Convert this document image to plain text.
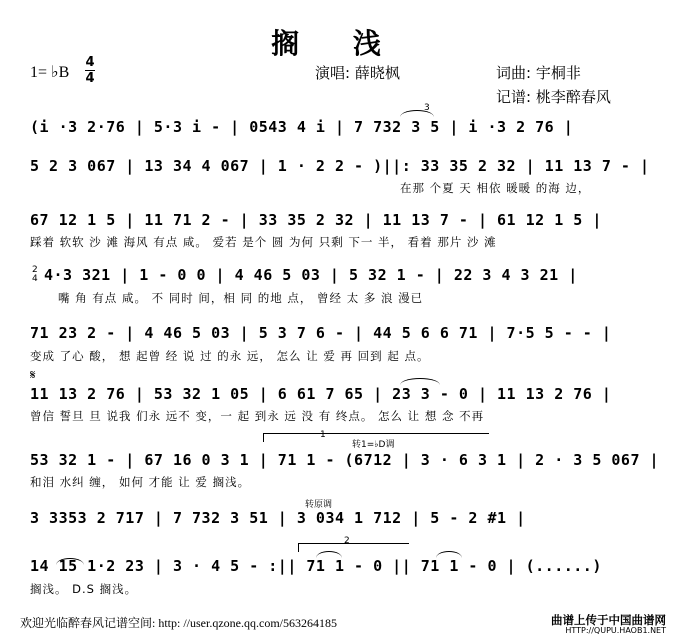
搁 浅
1= ♭B
4
4	演唱: 薛晓枫	词曲: 宇桐非
记谱: 桃李醉春风
(i ·3 2·76 | 5·3 i - | 0543 4 i | 7 732 3 5 | i ·3 2 76 |
5 2 3 067 | 13 34 4 067 | 1 · 2 2 - )||: 33 35 2 32 | 11 13 7 - |
在那 个夏 天 相依 暖暖 的海 边，
67 12 1 5 | 11 71 2 - | 33 35 2 32 | 11 13 7 - | 61 12 1 5 |
踩着 软软 沙 滩 海风 有点 咸。 爱若 是个 圆 为何 只剩 下一 半， 看着 那片 沙 滩
2
4 4·3 321 | 1 - 0 0 | 4 46 5 03 | 5 32 1 - | 22 3 4 3 21 |
嘴 角 有点 咸。 不 同时 间，相 同 的地 点， 曾经 太 多 浪 漫已
71 23 2 - | 4 46 5 03 | 5 3 7 6 - | 44 5 6 6 71 | 7·5 5 - - |
变成 了心 酸， 想 起曾 经 说 过 的永 远， 怎么 让 爱 再 回到 起 点。
𝄋
11 13 2 76 | 53 32 1 05 | 6 61 7 65 | 23 3 - 0 | 11 13 2 76 |
曾信 誓旦 旦 说我 们永 远不 变，一 起 到永 远 没 有 终点。 怎么 让 想 念 不再
1
转1=♭D调
53 32 1 - | 67 16 0 3 1 | 71 1 - (6712 | 3 · 6 3 1 | 2 · 3 5 067 |
和泪 水纠 缠， 如何 才能 让 爱 搁浅。
转原调
3 3353 2 717 | 7 732 3 51 | 3 034 1 712 | 5 - 2 #1 |
2
14 15 1·2 23 | 3 · 4 5 - :|| 71 1 - 0 || 71 1 - 0 | (......)
搁浅。 D.S 搁浅。
3
欢迎光临醉春风记谱空间: http: //user.qzone.qq.com/563264185	曲谱上传于中国曲谱网
HTTP://QUPU.HAOB1.NET
